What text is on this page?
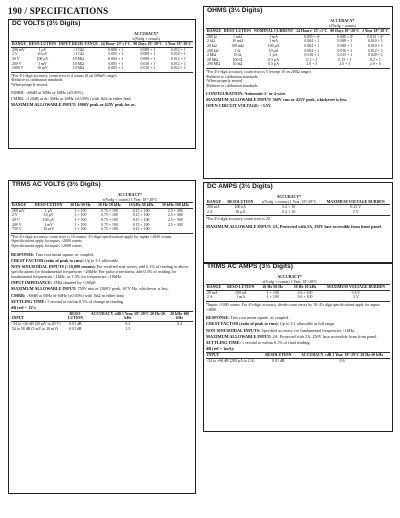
190 / SPECIFICATIONS
DC VOLTS (3½ Digits)
			ACCURACY*
±(%rdg + counts)		
RANGE	RESO-LUTION	INPUT RESIS-TANCE	24 Hour¹ 23°±1°C	90 Days 18°-28°C	1 Year 18°-28°C
200 mV	1 µV	>1 GΩ	0.006 + 1	0.008 + 1	0.012 + 1
2 V	10 µV	>1 GΩ	0.005 + 1	0.008 + 1	0.010 + 1
20 V	100 µV	10 MΩ	0.004 + 1	0.009 + 1	0.012 + 1
200 V	1 mV	10 MΩ	0.005 + 1	0.010 + 1	0.012 + 1
1000 V	10 mV	10 MΩ	0.005 + 1	0.010 + 1	0.012 + 1

*For 4½-digit accuracy, count error is 4 counts (8 on 200mV range).

¹Relative to calibration standards.

²When properly zeroed.

NMRR: >60dB at 50Hz or 60Hz (±0.05%).

CMRR: >120dB at dc, 50Hz or 60Hz (±0.05%) with 1kΩ in either lead.

MAXIMUM ALLOWABLE INPUT: 1000V peak or 425V peak for ac.

TRMS AC VOLTS (3½ Digits)
		ACCURACY*
±(%rdg + counts) 1 Year, 18°-28°C			
RANGE	RESO-LUTION	20 Hz-50 Hz	50 Hz-10 kHz	10 kHz-50 kHz	50 kHz-100 kHz
200 mV	1 µV	1 + 100	0.75 + 100	0.15 + 100	2.5 + 300
2 V	10 µV	1 + 100	0.75 + 100	0.15 + 100	2.5 + 300
20 V	100 µV	1 + 100	0.75 + 100	0.15 + 100	2.5 + 300
200 V	1 mV	1 + 100	0.75 + 100	0.15 + 100	2.5 + 300
750 V	10 mV	1 + 100	0.75 + 100	0.15 + 100	

*For 4½-digit accuracy, count error is 10 counts; 3½-digit specifications apply for inputs >2000 counts.

¹Specifications apply for inputs >2000 counts.

²Specifications apply for inputs >2000 counts.

RESPONSE: True root mean square, ac coupled.

CREST FACTOR (ratio of peak to rms): Up to 3:1 allowable.

NON-SINUSOIDAL INPUTS (>10,000 counts): For rectified sine waves, add 0.1% of reading to above specifications for fundamental frequencies <20kHz. For pulse waveforms, add 0.3% of reading for fundamental frequencies <1kHz, or 1.3% for frequencies <10kHz.

INPUT IMPEDANCE: 1MΩ shunted by <100pF.

MAXIMUM ALLOWABLE INPUT: 750V rms or 1000V peak, 10⁷V·Hz, whichever is less.

CMRR: >60dB at 50Hz or 60Hz (±0.05%) with 1kΩ in either lead.

SETTLING TIME: 1 second to within 0.1% of change in reading.

dB (ref = 1V):

INPUT	RESO-LUTION	ACCURACY ±dB 1 Year, 18°-28°C 20 Hz-20 kHz	20 kHz-100 kHz
-34 to +26 dB (20 mV to 20 V)	0.01 dB	0.2	0.4
54 to 58 dB (5 mV to 20 mV)	0.01 dB	1.5	
OHMS (3½ Digits)
			ACCURACY*
±(%rdg + counts)		
RANGE	RESO-LUTION	NOMINAL CURRENT	24 Hours¹ 23°±1°C	90 Days 18°-28°C	1 Year 18°-28°C
200 Ω	1 mΩ	1 mA	0.005 + 4²	0.008 + 4²	0.012 + 4²
2 kΩ	10 mΩ	1 mA	0.004 + 1	0.008 + 1	0.010 + 1
20 kΩ	100 mΩ	100 µA	0.004 + 1	0.008 + 1	0.010 + 1
200 kΩ	1 Ω	10 µA	0.004 + 1	0.010 + 1	0.012 + 1
2 MΩ	10 Ω	1 µA	0.010 + 1	0.015 + 1	0.020 + 1
20 MΩ	100 Ω	0.5 µA	0.1 + 1	0.15 + 1	0.2 + 1
200 MΩ	10 kΩ	0.5 µA	2.0 + 5	2.0 + 5	2.0 + 5

*For 4½-digit accuracy, count error is 5 (except 10 on 200Ω range).

¹Relative to calibration standards.

²When properly zeroed.

³Relative to calibration standards.

CONFIGURATION: Automatic 2- or 4-wire.

MAXIMUM ALLOWABLE INPUT: 360V rms or 425V peak, whichever is less.

OPEN CIRCUIT VOLTAGE: <5.5V.

DC AMPS (3½ Digits)
RANGE	RESOLUTION	ACCURACY*
±(%rdg + counts) 1 Year, 18°-28°C	MAXIMUM VOLTAGE BURDEN
200 mA	100 nA	0.2 + 10	0.25 V
2 A	10 µA	0.2 + 10	2 V

*For 4½-digit accuracy, count error is 20.

MAXIMUM ALLOWABLE INPUT: 2A, Protected with 3A, 250V fuse accessible from front panel.

TRMS AC AMPS (3½ Digits)
		ACCURACY*
±(%rdg + counts) 1 Year, 18°-28°C		
RANGE	RESO-LUTION	20 Hz-50 Hz	50 Hz-10 kHz	MAXIMUM VOLTAGE BURDEN
20 mA	100 nA	1 + 100	0.6 + 100	0.6 V
2 A	1 mA	1 + 100	0.6 + 100	2 V

*Inputs >1000 counts. For 4½-digit accuracy, divide count errors by 10; 4½ digit specifications apply for inputs >2000.

RESPONSE: True root mean square, ac coupled.

CREST FACTOR (ratio of peak to rms): Up to 3:1 allowable at full range.

NON-SINUSOIDAL INPUTS: Specified accuracy for fundamental frequencies <1kHz.

MAXIMUM ALLOWABLE INPUT: 2A. Protected with 3A, 250V fuse accessible from front panel.

SETTLING TIME: 1 second to within 0.1% of final reading.

dB (ref = 1mA):

INPUT	RESOLUTION	ACCURACY ±dB 1 Year, 18°-28°C 20 Hz-50 kHz
-34 to +66 dB (200 µA to 2 A)	0.01 dB	0.6
